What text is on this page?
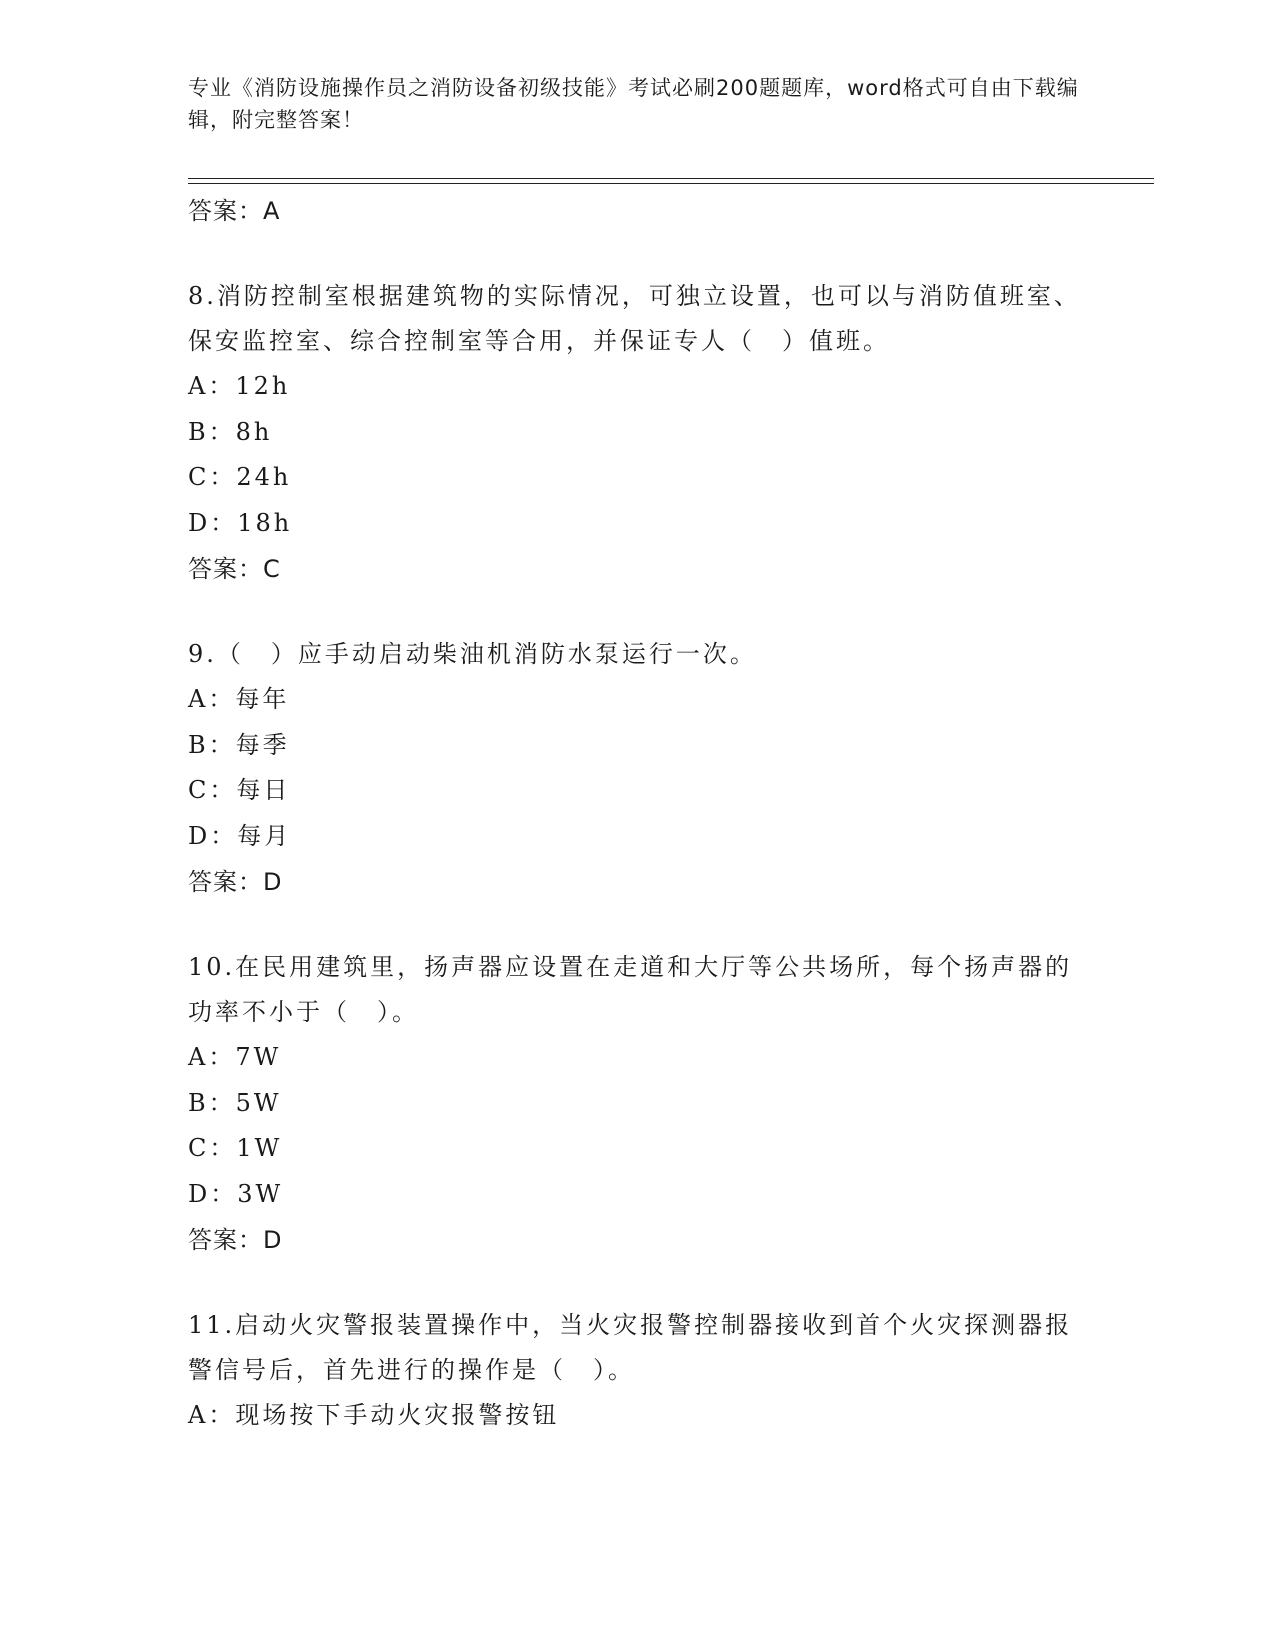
专业《消防设施操作员之消防设备初级技能》考试必刷200题题库，word格式可自由下载编辑，附完整答案！
答案：A
8.消防控制室根据建筑物的实际情况，可独立设置，也可以与消防值班室、保安监控室、综合控制室等合用，并保证专人（　）值班。
A：12h
B：8h
C：24h
D：18h
答案：C
9.（　）应手动启动柴油机消防水泵运行一次。
A：每年
B：每季
C：每日
D：每月
答案：D
10.在民用建筑里，扬声器应设置在走道和大厅等公共场所，每个扬声器的功率不小于（　）。
A：7W
B：5W
C：1W
D：3W
答案：D
11.启动火灾警报装置操作中，当火灾报警控制器接收到首个火灾探测器报警信号后，首先进行的操作是（　）。
A：现场按下手动火灾报警按钮
